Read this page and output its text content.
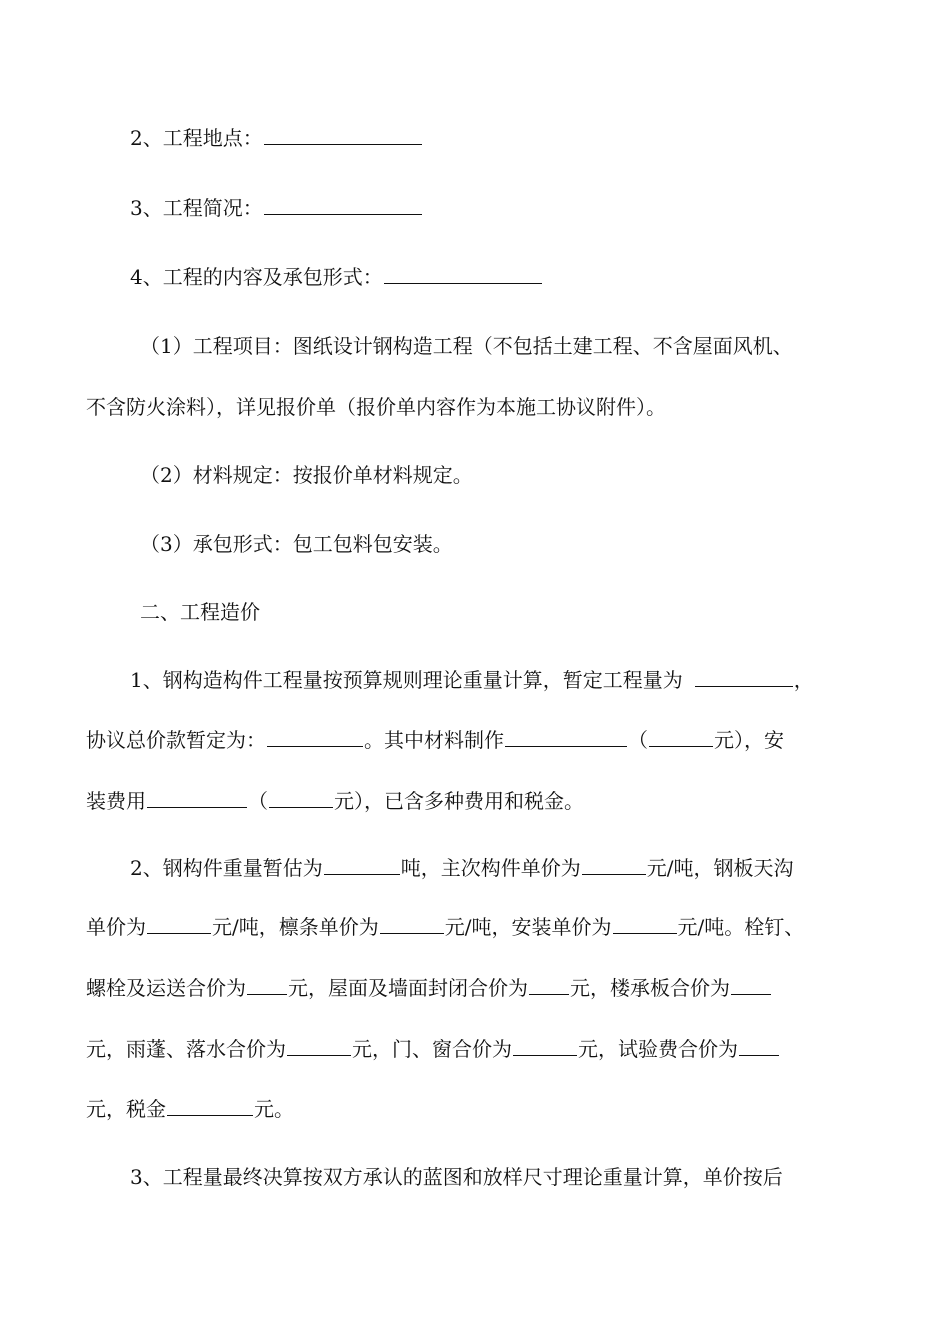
2、工程地点：
3、工程简况：
4、工程的内容及承包形式：
（1）工程项目：图纸设计钢构造工程（不包括土建工程、不含屋面风机、
不含防火涂料），详见报价单（报价单内容作为本施工协议附件）。
（2）材料规定：按报价单材料规定。
（3）承包形式：包工包料包安装。
二、工程造价
1、钢构造构件工程量按预算规则理论重量计算，暂定工程量为	，
协议总价款暂定为：	。其中材料制作	（	元），安
装费用	（	元），已含多种费用和税金。
2、钢构件重量暂估为	吨，主次构件单价为	元/吨，钢板天沟
单价为	元/吨，檩条单价为	元/吨，安装单价为	元/吨。栓钉、
螺栓及运送合价为 元，屋面及墙面封闭合价为 元，楼承板合价为
元，雨蓬、落水合价为	元，门、窗合价为	元，试验费合价为
元，税金	元。
3、工程量最终决算按双方承认的蓝图和放样尺寸理论重量计算，单价按后
